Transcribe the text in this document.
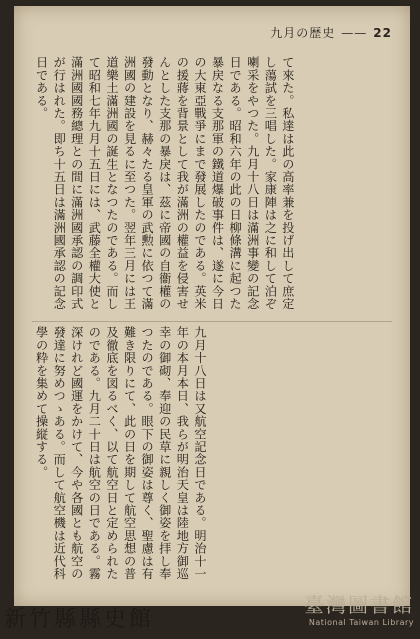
九月の歴史 —— 22
て來た。私達は此の高率兼を投げ出して庶定し蕩試を三唱した。家康陣は之に和して泊ぞ喇采をやつた。九月十八日は滿洲事變の記念日である。昭和六年の此の日柳條溝に起つた暴戻なる支那軍の鐵道爆破事件は、遂に今日の大東亞戰爭にまで發展したのである。英米の援蔣を背景として我が滿洲の權益を侵害せんとした支那の暴戾は、茲に帝國の自衞權の發動となり、赫々たる皇軍の武勲に依つて滿洲國の建設を見るに至つた。翌年三月には王道樂土滿洲國の誕生となつたのである。而して昭和七年九月十五日には、武藤全權大使と滿洲國國務總理との間に滿洲國承認の調印式が行はれた。即ち十五日は滿洲國承認の記念日である。
九月十八日は又航空記念日である。明治十一年の本月本日、我らが明治天皇は陸地方御巡幸の御砌、奉迎の民草に親しく御姿を拝し奉つたのである。眼下の御姿は尊く、聖慮は有難き限りにて、此の日を期して航空思想の普及徹底を図るべく、以て航空日と定められたのである。九月二十日は航空の日である。霧深けれど國運をかけて、今や各國とも航空の發達に努めつゝある。而して航空機は近代科學の粋を集めて操縦する。
新竹縣縣史館
臺灣圖書館
National Taiwan Library
